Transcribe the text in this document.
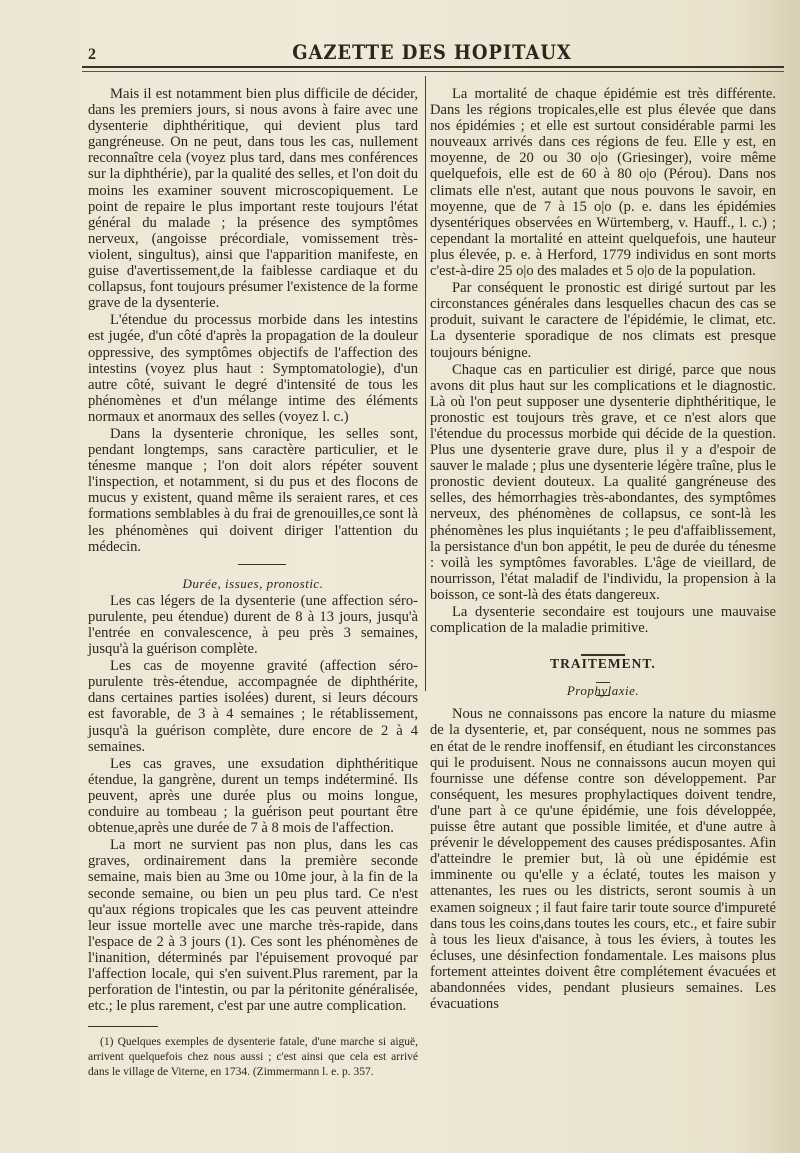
2	GAZETTE DES HOPITAUX

Mais il est notamment bien plus difficile de décider, dans les premiers jours, si nous avons à faire avec une dysenterie diphthéritique, qui devient plus tard gangréneuse. On ne peut, dans tous les cas, nullement reconnaître cela (voyez plus tard, dans mes conférences sur la diphthérie), par la qualité des selles, et l'on doit du moins les examiner souvent microscopiquement. Le point de repaire le plus important reste toujours l'état général du malade ; la présence des symptômes nerveux, (angoisse précordiale, vomissement très-violent, singultus), ainsi que l'apparition manifeste, en guise d'avertissement,de la faiblesse cardiaque et du collapsus, font toujours présumer l'existence de la forme grave de la dysenterie.

L'étendue du processus morbide dans les intestins est jugée, d'un côté d'après la propagation de la douleur oppressive, des symptômes objectifs de l'affection des intestins (voyez plus haut : Symptomatologie), d'un autre côté, suivant le degré d'intensité de tous les phénomènes et d'un mélange intime des éléments normaux et anormaux des selles (voyez l. c.)

Dans la dysenterie chronique, les selles sont, pendant longtemps, sans caractère particulier, et le ténesme manque ; l'on doit alors répéter souvent l'inspection, et notamment, si du pus et des flocons de mucus y existent, quand même ils seraient rares, et ces formations semblables à du frai de grenouilles,ce sont là les phénomènes qui doivent diriger l'attention du médecin.

Durée, issues, pronostic.

Les cas légers de la dysenterie (une affection séro-purulente, peu étendue) durent de 8 à 13 jours, jusqu'à l'entrée en convalescence, à peu près 3 semaines, jusqu'à la guérison complète.

Les cas de moyenne gravité (affection séro-purulente très-étendue, accompagnée de diphthérite, dans certaines parties isolées) durent, si leurs décours est favorable, de 3 à 4 semaines ; le rétablissement, jusqu'à la guérison complète, dure encore de 2 à 4 semaines.

Les cas graves, une exsudation diphthéritique étendue, la gangrène, durent un temps indéterminé. Ils peuvent, après une durée plus ou moins longue, conduire au tombeau ; la guérison peut pourtant être obtenue,après une durée de 7 à 8 mois de l'affection.

La mort ne survient pas non plus, dans les cas graves, ordinairement dans la première seconde semaine, mais bien au 3me ou 10me jour, à la fin de la seconde semaine, ou bien un peu plus tard. Ce n'est qu'aux régions tropicales que les cas peuvent atteindre leur issue mortelle avec une marche très-rapide, dans l'espace de 2 à 3 jours (1). Ces sont les phénomènes de l'inanition, déterminés par l'épuisement provoqué par l'affection locale, qui s'en suivent.Plus rarement, par la perforation de l'intestin, ou par la péritonite généralisée, etc.; le plus rarement, c'est par une autre complication.

(1) Quelques exemples de dysenterie fatale, d'une marche si aiguë, arrivent quelquefois chez nous aussi ; c'est ainsi que cela est arrivé dans le village de Viterne, en 1734. (Zimmermann l. e. p. 357.

La mortalité de chaque épidémie est très différente. Dans les régions tropicales,elle est plus élevée que dans nos épidémies ; et elle est surtout considérable parmi les nouveaux arrivés dans ces régions de feu. Elle y est, en moyenne, de 20 ou 30 o|o (Griesinger), voire même quelquefois, elle est de 60 à 80 o|o (Pérou). Dans nos climats elle n'est, autant que nous pouvons le savoir, en moyenne, que de 7 à 15 o|o (p. e. dans les épidémies dysentériques observées en Würtemberg, v. Hauff., l. c.) ; cependant la mortalité en atteint quelquefois, une hauteur plus élevée, p. e. à Herford, 1779 individus en sont morts c'est-à-dire 25 o|o des malades et 5 o|o de la population.

Par conséquent le pronostic est dirigé surtout par les circonstances générales dans lesquelles chacun des cas se produit, suivant le caractere de l'épidémie, le climat, etc. La dysenterie sporadique de nos climats est presque toujours bénigne.

Chaque cas en particulier est dirigé, parce que nous avons dit plus haut sur les complications et le diagnostic. Là où l'on peut supposer une dysenterie diphthéritique, le pronostic est toujours très grave, et ce n'est alors que l'étendue du processus morbide qui décide de la question. Plus une dysenterie grave dure, plus il y a d'espoir de sauver le malade ; plus une dysenterie légère traîne, plus le pronostic devient douteux. La qualité gangréneuse des selles, des hémorrhagies très-abondantes, des symptômes nerveux, des phénomènes de collapsus, ce sont-là les phénomènes les plus inquiétants ; le peu d'affaiblissement, la persistance d'un bon appétit, le peu de durée du ténesme : voilà les symptômes favorables. L'âge de vieillard, de nourrisson, l'état maladif de l'individu, la propension à la boisson, ce sont-là des états dangereux.

La dysenterie secondaire est toujours une mauvaise complication de la maladie primitive.

TRAITEMENT.

Prophylaxie.

Nous ne connaissons pas encore la nature du miasme de la dysenterie, et, par conséquent, nous ne sommes pas en état de le rendre inoffensif, en étudiant les circonstances qui le produisent. Nous ne connaissons aucun moyen qui fournisse une défense contre son développement. Par conséquent, les mesures prophylactiques doivent tendre, d'une part à ce qu'une épidémie, une fois développée, puisse être autant que possible limitée, et d'une autre à prévenir le développement des causes prédisposantes. Afin d'atteindre le premier but, là où une épidémie est imminente ou qu'elle y a éclaté, toutes les maison y attenantes, les rues ou les districts, seront soumis à un examen soigneux ; il faut faire tarir toute source d'impureté dans tous les coins,dans toutes les cours, etc., et faire subir à tous les lieux d'aisance, à tous les éviers, à toutes les écluses, une désinfection fondamentale. Les maisons plus fortement atteintes doivent être complétement évacuées et abandonnées vides, pendant plusieurs semaines. Les évacuations
